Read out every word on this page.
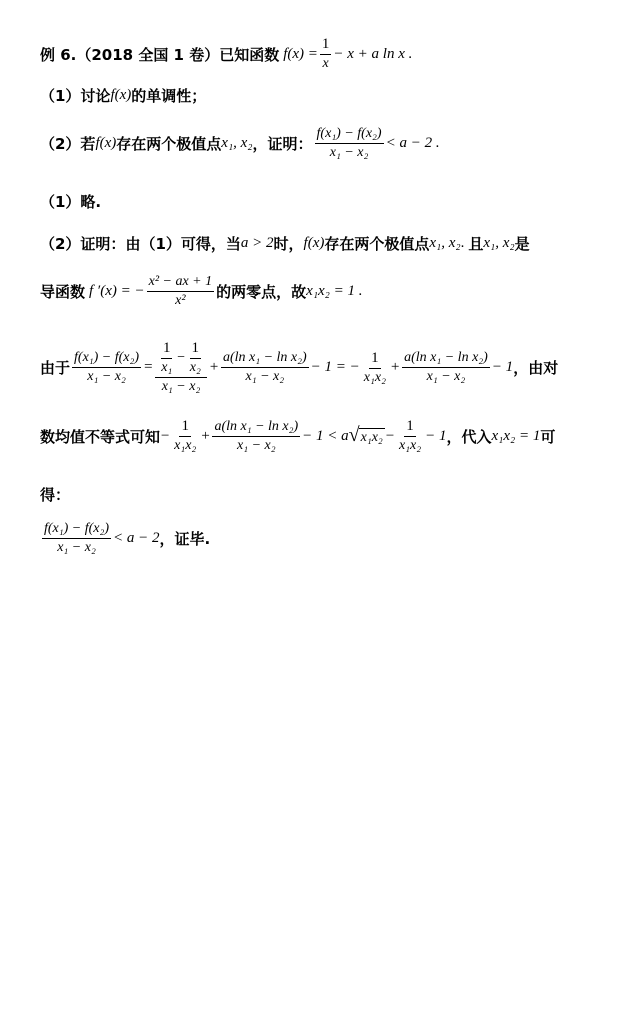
例 6.（2018 全国 1 卷）已知函数 $f(x) = \frac{1}{x} - x + a$ ln x .
（1）讨论 f(x) 的单调性；
（2）若 f(x) 存在两个极值点 x₁, x₂ ，证明： $\frac{\text{f(x₁) − f(x₂)}}{\text{x₁ − x₂}} < a - 2$ .
（1）略.
（2）证明：由（1）可得，当 a > 2 时， f(x) 存在两个极值点 x₁, x₂ . 且 x₁, x₂ 是
导函数 f ′(x) = − $\frac{\text{x² − ax + 1}}{\text{x²}}$ 的两零点，故 x₁x₂ = 1 .
由于 $\frac{\text{f(x₁) − f(x₂)}}{\text{x₁ − x₂}} = \frac{\frac{1}{\text{x₁}} - \frac{1}{\text{x₂}}}{\text{x₁ − x₂}} + \frac{\text{a(ln x₁ − ln x₂)}}{\text{x₁ − x₂}} - 1$ = − $\frac{1}{\text{x₁x₂}} + \frac{\text{a(ln x₁ − ln x₂)}}{\text{x₁ − x₂}} - 1$ ，由对
数均值不等式可知 − $\frac{1}{\text{x₁x₂}} + \frac{\text{a(ln x₁ − ln x₂)}}{\text{x₁ − x₂}} - 1 < a$ √ $x_1x_2 - \frac{1}{\text{x₁x₂}} - 1$ ，代入 x₁x₂ = 1 可
得：
$\frac{\text{f(x₁) − f(x₂)}}{\text{x₁ − x₂}} < a - 2$ ，证毕.
